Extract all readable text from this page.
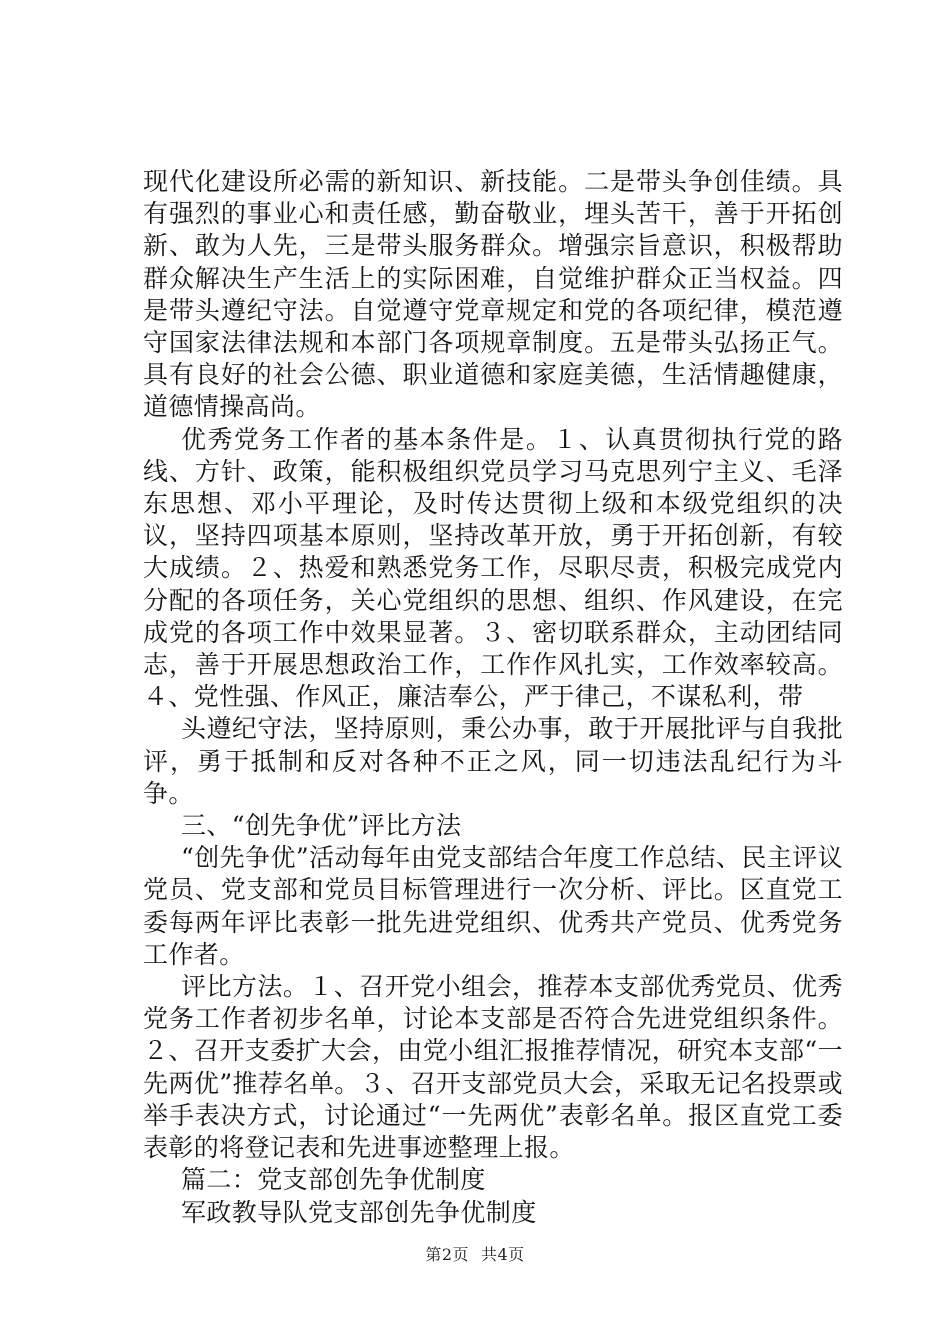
现代化建设所必需的新知识、新技能。二是带头争创佳绩。具有强烈的事业心和责任感，勤奋敬业，埋头苦干，善于开拓创新、敢为人先，三是带头服务群众。增强宗旨意识，积极帮助群众解决生产生活上的实际困难，自觉维护群众正当权益。四是带头遵纪守法。自觉遵守党章规定和党的各项纪律，模范遵守国家法律法规和本部门各项规章制度。五是带头弘扬正气。具有良好的社会公德、职业道德和家庭美德，生活情趣健康，道德情操高尚。

优秀党务工作者的基本条件是。１、认真贯彻执行党的路线、方针、政策，能积极组织党员学习马克思列宁主义、毛泽东思想、邓小平理论，及时传达贯彻上级和本级党组织的决议，坚持四项基本原则，坚持改革开放，勇于开拓创新，有较大成绩。２、热爱和熟悉党务工作，尽职尽责，积极完成党内分配的各项任务，关心党组织的思想、组织、作风建设，在完成党的各项工作中效果显著。３、密切联系群众，主动团结同志，善于开展思想政治工作，工作作风扎实，工作效率较高。４、党性强、作风正，廉洁奉公，严于律己，不谋私利，带

头遵纪守法，坚持原则，秉公办事，敢于开展批评与自我批评，勇于抵制和反对各种不正之风，同一切违法乱纪行为斗争。

三、“创先争优”评比方法

“创先争优”活动每年由党支部结合年度工作总结、民主评议党员、党支部和党员目标管理进行一次分析、评比。区直党工委每两年评比表彰一批先进党组织、优秀共产党员、优秀党务工作者。

评比方法。１、召开党小组会，推荐本支部优秀党员、优秀党务工作者初步名单，讨论本支部是否符合先进党组织条件。２、召开支委扩大会，由党小组汇报推荐情况，研究本支部“一先两优”推荐名单。３、召开支部党员大会，采取无记名投票或举手表决方式，讨论通过“一先两优”表彰名单。报区直党工委表彰的将登记表和先进事迹整理上报。

篇二：党支部创先争优制度

军政教导队党支部创先争优制度

第2页 共4页
